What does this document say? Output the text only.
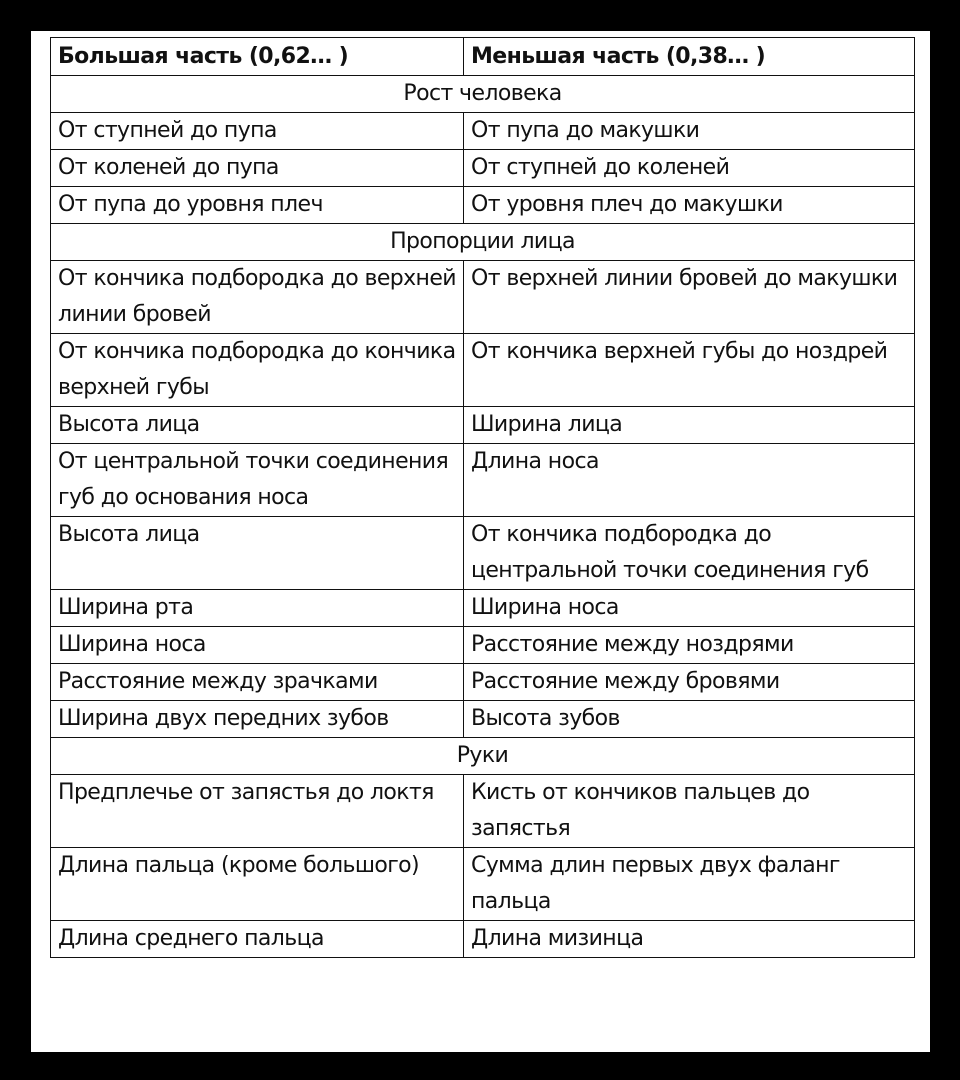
Большая часть (0,62… )	Меньшая часть (0,38… )
Рост человека	
От ступней до пупа	От пупа до макушки
От коленей до пупа	От ступней до коленей
От пупа до уровня плеч	От уровня плеч до макушки
Пропорции лица	
От кончика подбородка до верхней линии бровей	От верхней линии бровей до макушки
От кончика подбородка до кончика верхней губы	От кончика верхней губы до ноздрей
Высота лица	Ширина лица
От центральной точки соединения губ до основания носа	Длина носа
Высота лица	От кончика подбородка до центральной точки соединения губ
Ширина рта	Ширина носа
Ширина носа	Расстояние между ноздрями
Расстояние между зрачками	Расстояние между бровями
Ширина двух передних зубов	Высота зубов
Руки	
Предплечье от запястья до локтя	Кисть от кончиков пальцев до запястья
Длина пальца (кроме большого)	Сумма длин первых двух фаланг пальца
Длина среднего пальца	Длина мизинца
